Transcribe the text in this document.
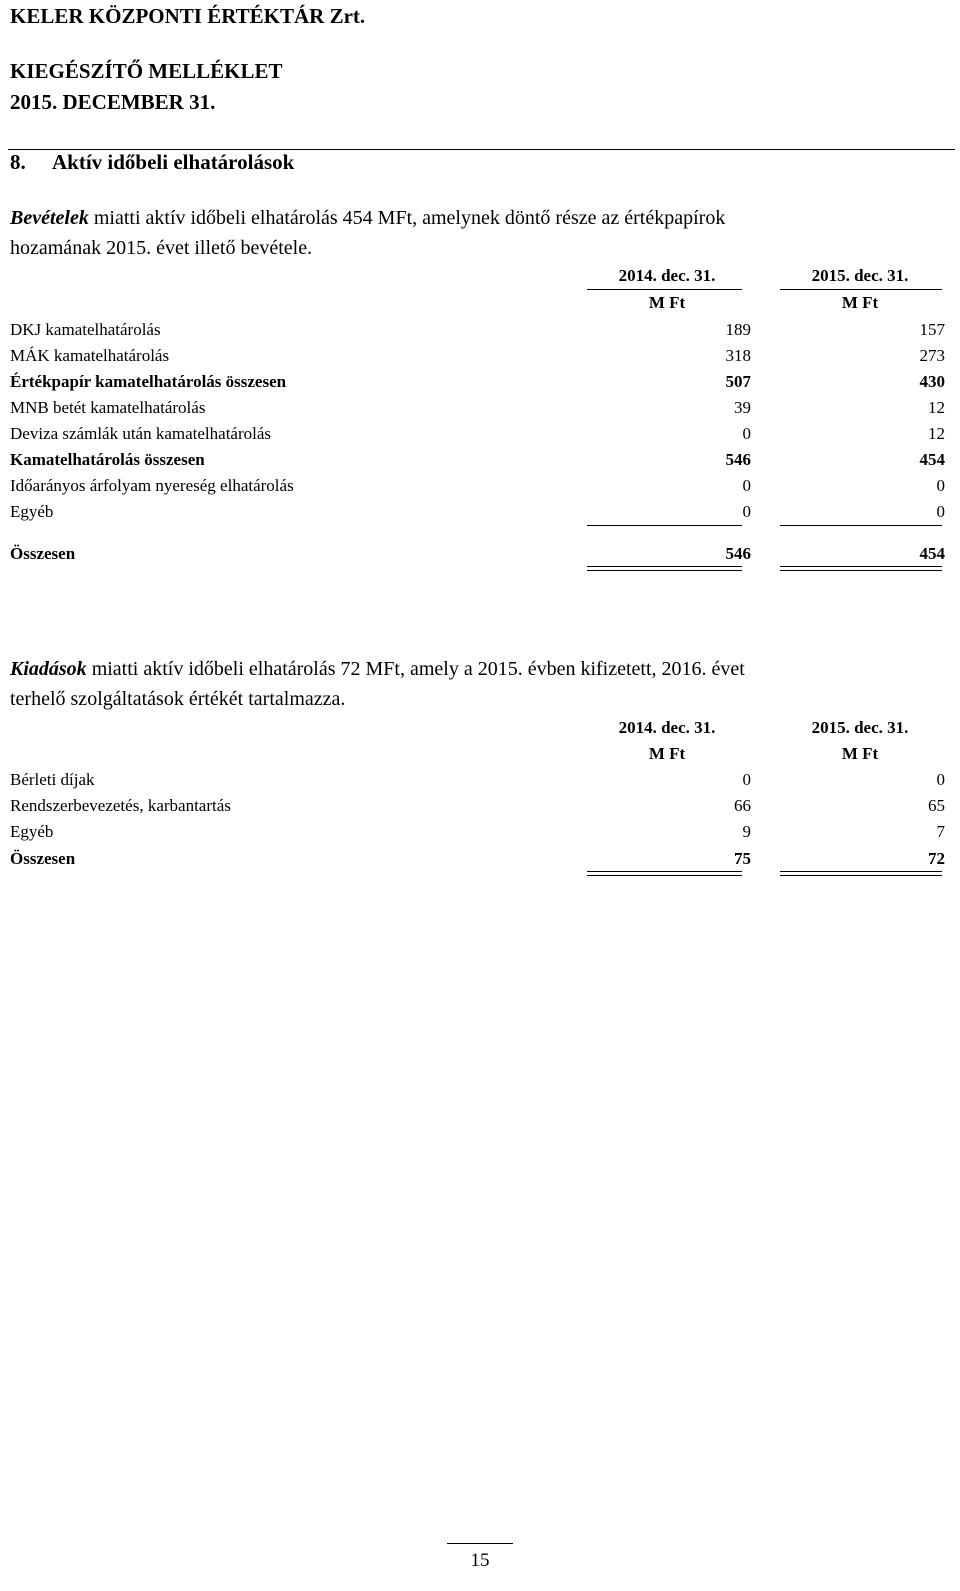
KELER KÖZPONTI ÉRTÉKTÁR Zrt.
KIEGÉSZÍTŐ MELLÉKLET
2015. DECEMBER 31.
8. Aktív időbeli elhatárolások
Bevételek miatti aktív időbeli elhatárolás 454 MFt, amelynek döntő része az értékpapírok
hozamának 2015. évet illető bevétele.
2014. dec. 31.	2015. dec. 31.
M Ft	M Ft
DKJ kamatelhatárolás	189	157
MÁK kamatelhatárolás	318	273
Értékpapír kamatelhatárolás összesen	507	430
MNB betét kamatelhatárolás	39	12
Deviza számlák után kamatelhatárolás	0	12
Kamatelhatárolás összesen	546	454
Időarányos árfolyam nyereség elhatárolás	0	0
Egyéb	0	0
Összesen	546	454
Kiadások miatti aktív időbeli elhatárolás 72 MFt, amely a 2015. évben kifizetett, 2016. évet
terhelő szolgáltatások értékét tartalmazza.
2014. dec. 31.	2015. dec. 31.
M Ft	M Ft
Bérleti díjak	0	0
Rendszerbevezetés, karbantartás	66	65
Egyéb	9	7
Összesen	75	72
15
